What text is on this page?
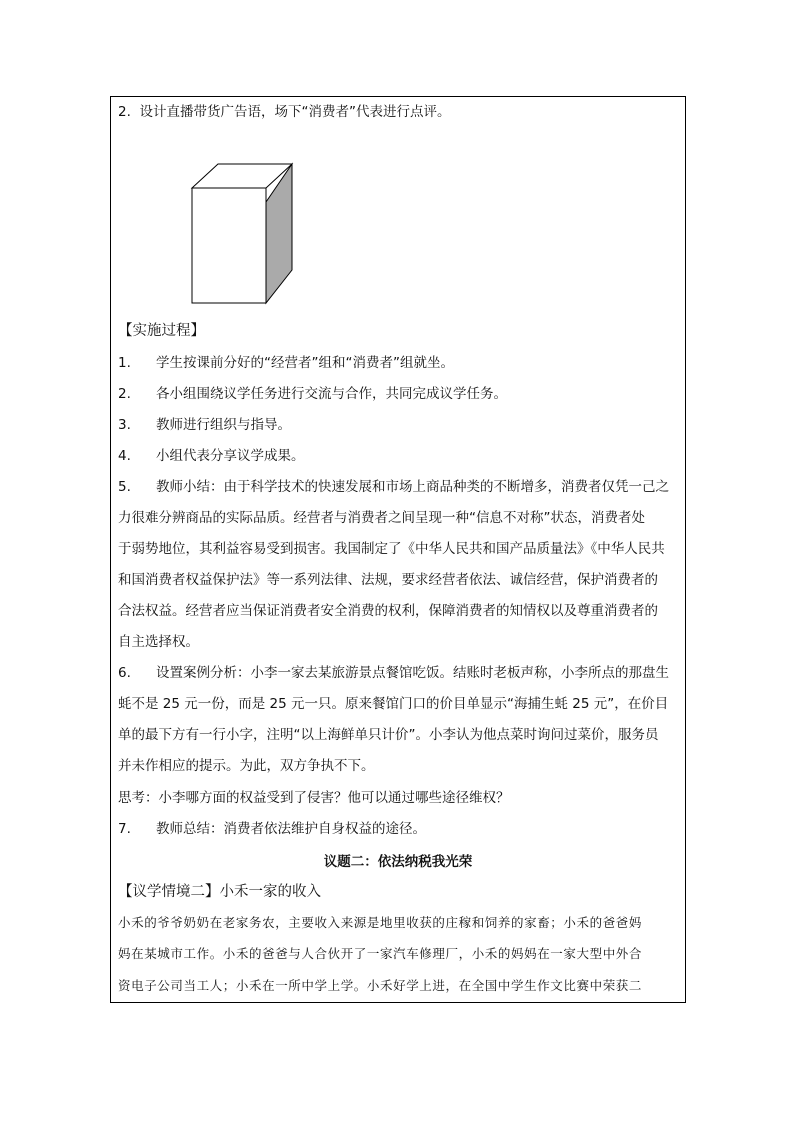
2.  设计直播带货广告语，场下“消费者”代表进行点评。
【实施过程】
1. 学生按课前分好的“经营者”组和“消费者”组就坐。
2. 各小组围绕议学任务进行交流与合作，共同完成议学任务。
3. 教师进行组织与指导。
4. 小组代表分享议学成果。
5. 教师小结：由于科学技术的快速发展和市场上商品种类的不断增多，消费者仅凭一己之
力很难分辨商品的实际品质。经营者与消费者之间呈现一种“信息不对称”状态，消费者处
于弱势地位，其利益容易受到损害。我国制定了《中华人民共和国产品质量法》《中华人民共
和国消费者权益保护法》等一系列法律、法规，要求经营者依法、诚信经营，保护消费者的
合法权益。经营者应当保证消费者安全消费的权利，保障消费者的知情权以及尊重消费者的
自主选择权。
6. 设置案例分析：小李一家去某旅游景点餐馆吃饭。结账时老板声称，小李所点的那盘生
蚝不是 25 元一份，而是 25 元一只。原来餐馆门口的价目单显示“海捕生蚝 25 元”，在价目
单的最下方有一行小字，注明“以上海鲜单只计价”。小李认为他点菜时询问过菜价，服务员
并未作相应的提示。为此，双方争执不下。
思考：小李哪方面的权益受到了侵害？他可以通过哪些途径维权？
7. 教师总结：消费者依法维护自身权益的途径。
议题二：依法纳税我光荣
【议学情境二】小禾一家的收入
小禾的爷爷奶奶在老家务农，主要收入来源是地里收获的庄稼和饲养的家畜；小禾的爸爸妈
妈在某城市工作。小禾的爸爸与人合伙开了一家汽车修理厂，小禾的妈妈在一家大型中外合
资电子公司当工人；小禾在一所中学上学。小禾好学上进，在全国中学生作文比赛中荣获二
